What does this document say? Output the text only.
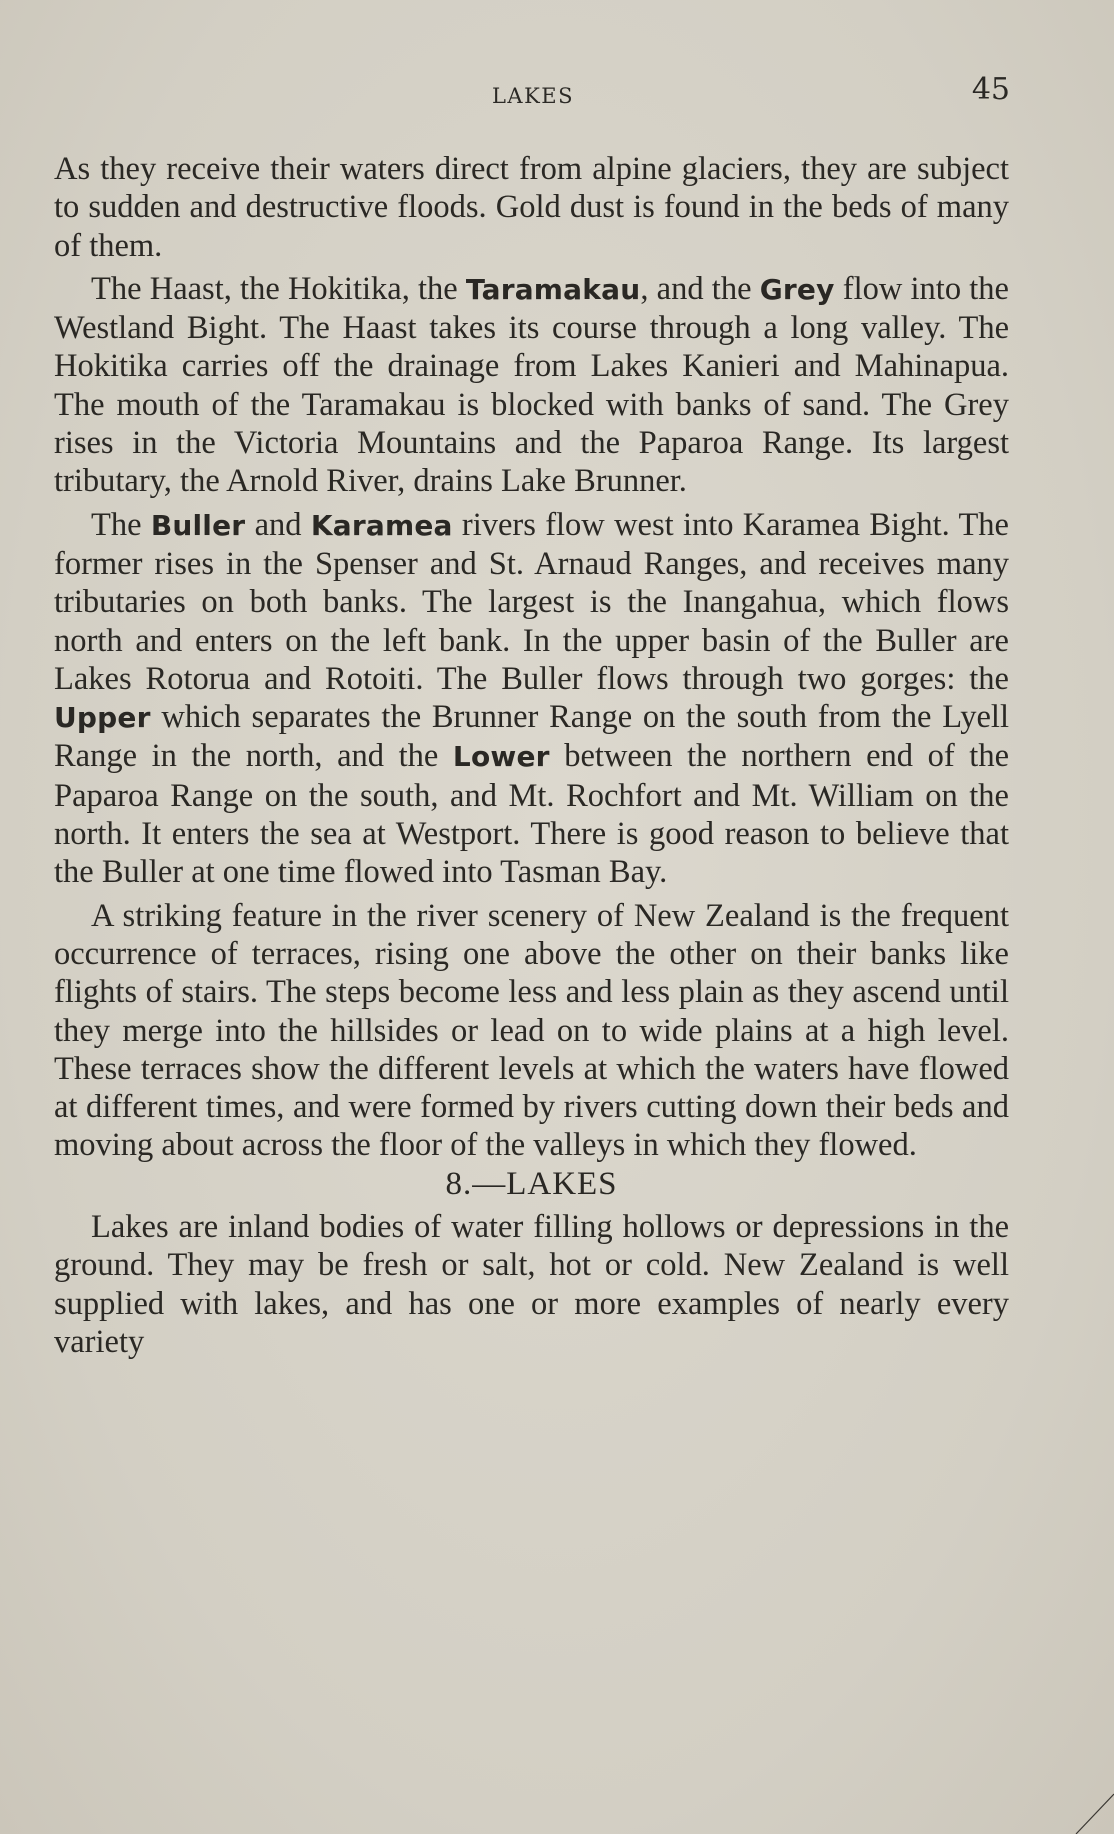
LAKES	45

As they receive their waters direct from alpine glaciers, they are subject to sudden and destructive floods. Gold dust is found in the beds of many of them.

The Haast, the Hokitika, the Taramakau, and the Grey flow into the Westland Bight. The Haast takes its course through a long valley. The Hokitika carries off the drainage from Lakes Kanieri and Mahinapua. The mouth of the Taramakau is blocked with banks of sand. The Grey rises in the Victoria Mountains and the Paparoa Range. Its largest tributary, the Arnold River, drains Lake Brunner.

The Buller and Karamea rivers flow west into Karamea Bight. The former rises in the Spenser and St. Arnaud Ranges, and receives many tributaries on both banks. The largest is the Inangahua, which flows north and enters on the left bank. In the upper basin of the Buller are Lakes Rotorua and Rotoiti. The Buller flows through two gorges: the Upper which separates the Brunner Range on the south from the Lyell Range in the north, and the Lower between the northern end of the Paparoa Range on the south, and Mt. Rochfort and Mt. William on the north. It enters the sea at Westport. There is good reason to believe that the Buller at one time flowed into Tasman Bay.

A striking feature in the river scenery of New Zealand is the frequent occurrence of terraces, rising one above the other on their banks like flights of stairs. The steps become less and less plain as they ascend until they merge into the hillsides or lead on to wide plains at a high level. These terraces show the different levels at which the waters have flowed at different times, and were formed by rivers cutting down their beds and moving about across the floor of the valleys in which they flowed.

8.—LAKES

Lakes are inland bodies of water filling hollows or depressions in the ground. They may be fresh or salt, hot or cold. New Zealand is well supplied with lakes, and has one or more examples of nearly every variety
